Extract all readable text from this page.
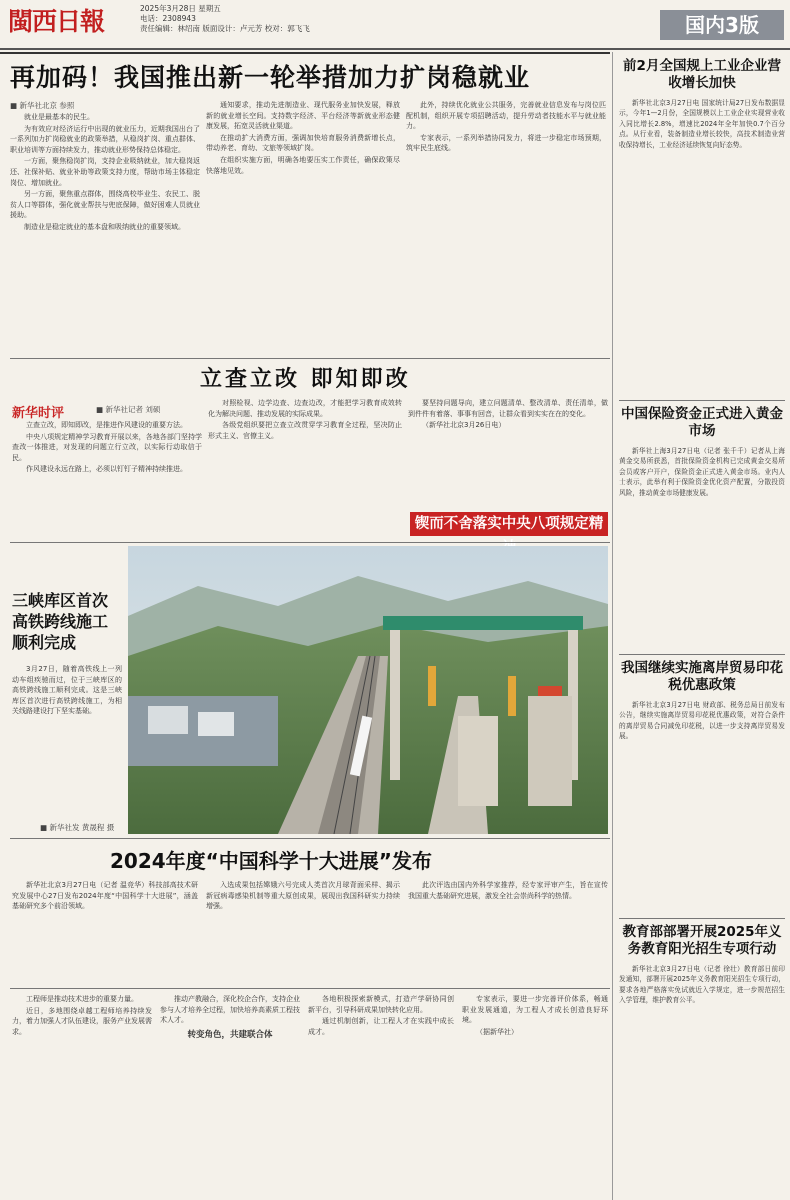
閩西日報	2025年3月28日 星期五
电话：2308943
责任编辑：林绍南 版面设计：卢元芳 校对：郭飞飞	国内3版
再加码！我国推出新一轮举措加力扩岗稳就业
■ 新华社北京 参照

就业是最基本的民生。

为有效应对经济运行中出现的就业压力，近期我国出台了一系列加力扩岗稳就业的政策举措，从稳岗扩岗、重点群体、职业培训等方面持续发力，推动就业形势保持总体稳定。

一方面，聚焦稳岗扩岗，支持企业吸纳就业，加大稳岗返还、社保补贴、就业补助等政策支持力度，帮助市场主体稳定岗位、增加就业。

另一方面，聚焦重点群体，围绕高校毕业生、农民工、脱贫人口等群体，强化就业帮扶与兜底保障，做好困难人员就业援助。

制造业是稳定就业的基本盘和吸纳就业的重要领域。

通知要求，推动先进制造业、现代服务业加快发展，释放新的就业增长空间。支持数字经济、平台经济等新就业形态健康发展，拓宽灵活就业渠道。

在推动扩大消费方面，强调加快培育服务消费新增长点，带动养老、育幼、文旅等领域扩岗。

在组织实施方面，明确各地要压实工作责任，确保政策尽快落地见效。

此外，持续优化就业公共服务，完善就业信息发布与岗位匹配机制，组织开展专项招聘活动，提升劳动者技能水平与就业能力。

专家表示，一系列举措协同发力，将进一步稳定市场预期，筑牢民生底线。

立查立改 即知即改
新华时评
■	新华社记者 刘硕

立查立改，即知即改，是推进作风建设的重要方法。

中央八项规定精神学习教育开展以来，各地各部门坚持学查改一体推进，对发现的问题立行立改，以实际行动取信于民。

作风建设永远在路上，必须以钉钉子精神持续推进。

对照检视、边学边查、边查边改，才能把学习教育成效转化为解决问题、推动发展的实际成果。

各级党组织要把立查立改贯穿学习教育全过程，坚决防止形式主义、官僚主义。

要坚持问题导向，建立问题清单、整改清单、责任清单，做到件件有着落、事事有回音，让群众看到实实在在的变化。

（新华社北京3月26日电）

锲而不舍落实中央八项规定精
三峡库区首次高铁跨线施工顺利完成

3月27日，随着高铁线上一列动车组疾驰而过，位于三峡库区的高铁跨线施工顺利完成。这是三峡库区首次进行高铁跨线施工，为相关线路建设打下坚实基础。

■ 新华社发 黄晟程 摄
2024年度“中国科学十大进展”发布

新华社北京3月27日电（记者 温竞华）科技部高技术研究发展中心27日发布2024年度“中国科学十大进展”，涵盖基础研究多个前沿领域。

入选成果包括嫦娥六号完成人类首次月球背面采样、揭示新冠病毒感染机制等重大原创成果，展现出我国科研实力持续增强。

此次评选由国内外科学家推荐，经专家评审产生，旨在宣传我国重大基础研究进展，激发全社会崇尚科学的热情。

工程师是推动技术进步的重要力量。

近日，多地围绕卓越工程师培养持续发力，着力加强人才队伍建设，服务产业发展需求。

推动产教融合，深化校企合作，支持企业参与人才培养全过程，加快培养高素质工程技术人才。

转变角色，共建联合体

各地积极探索新模式，打造产学研协同创新平台，引导科研成果加快转化应用。

通过机制创新，让工程人才在实践中成长成才。

专家表示，要进一步完善评价体系，畅通职业发展通道，为工程人才成长创造良好环境。

（据新华社）

前2月全国规上工业企业营收增长加快

新华社北京3月27日电 国家统计局27日发布数据显示，今年1—2月份，全国规模以上工业企业实现营业收入同比增长2.8%，增速比2024年全年加快0.7个百分点。从行业看，装备制造业增长较快，高技术制造业营收保持增长，工业经济延续恢复向好态势。

中国保险资金正式进入黄金市场

新华社上海3月27日电（记者 张千千）记者从上海黄金交易所获悉，首批保险资金机构已完成黄金交易所会员或客户开户，保险资金正式进入黄金市场。业内人士表示，此举有利于保险资金优化资产配置，分散投资风险，推动黄金市场健康发展。

我国继续实施离岸贸易印花税优惠政策

新华社北京3月27日电 财政部、税务总局日前发布公告，继续实施离岸贸易印花税优惠政策，对符合条件的离岸贸易合同减免印花税，以进一步支持离岸贸易发展。

教育部部署开展2025年义务教育阳光招生专项行动

新华社北京3月27日电（记者 徐壮）教育部日前印发通知，部署开展2025年义务教育阳光招生专项行动，要求各地严格落实免试就近入学规定，进一步规范招生入学管理，维护教育公平。
